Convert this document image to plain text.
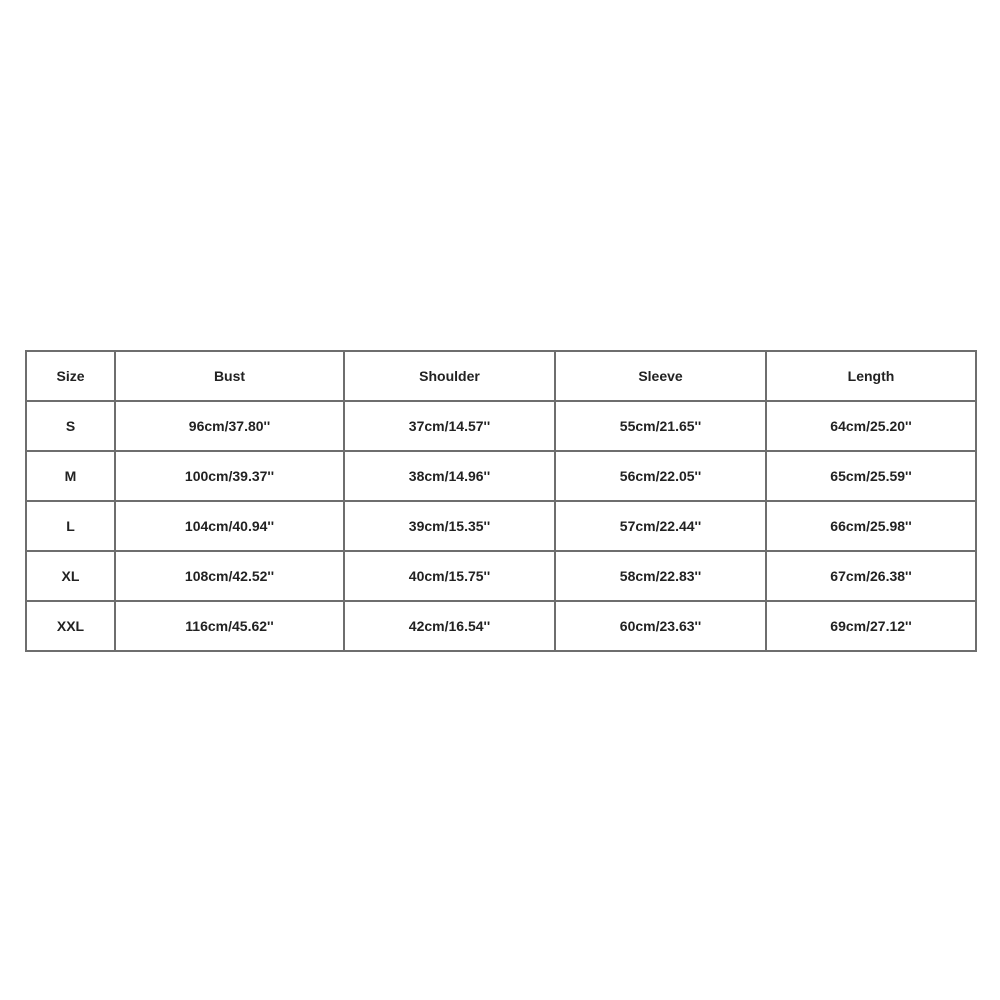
Size	Bust	Shoulder	Sleeve	Length
S	96cm/37.80''	37cm/14.57''	55cm/21.65''	64cm/25.20''
M	100cm/39.37''	38cm/14.96''	56cm/22.05''	65cm/25.59''
L	104cm/40.94''	39cm/15.35''	57cm/22.44''	66cm/25.98''
XL	108cm/42.52''	40cm/15.75''	58cm/22.83''	67cm/26.38''
XXL	116cm/45.62''	42cm/16.54''	60cm/23.63''	69cm/27.12''
